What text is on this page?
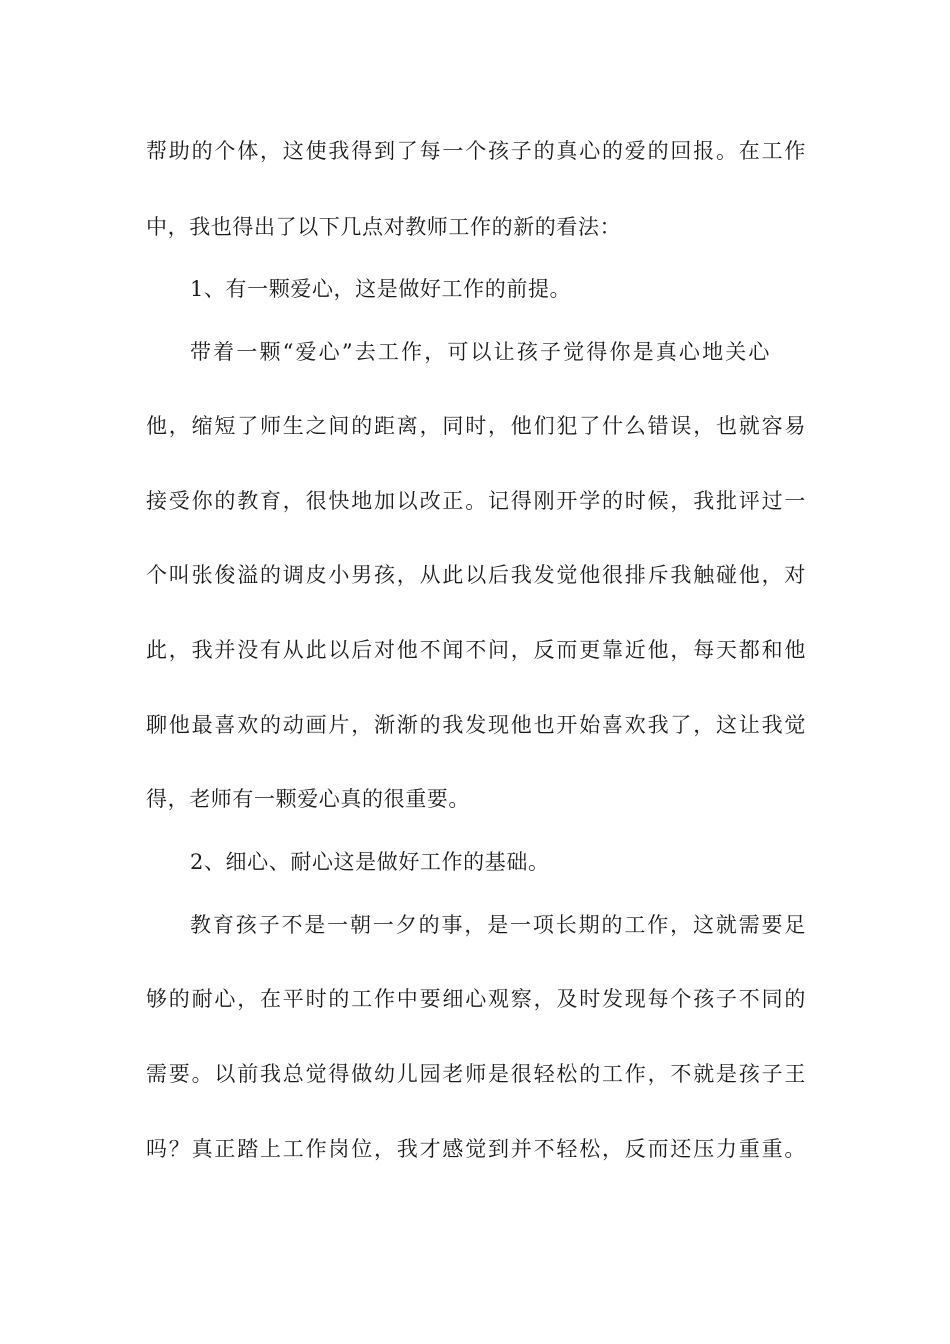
帮助的个体，这使我得到了每一个孩子的真心的爱的回报。在工作
中，我也得出了以下几点对教师工作的新的看法：
1、有一颗爱心，这是做好工作的前提。
带着一颗“爱心”去工作，可以让孩子觉得你是真心地关心
他，缩短了师生之间的距离，同时，他们犯了什么错误，也就容易
接受你的教育，很快地加以改正。记得刚开学的时候，我批评过一
个叫张俊溢的调皮小男孩，从此以后我发觉他很排斥我触碰他，对
此，我并没有从此以后对他不闻不问，反而更靠近他，每天都和他
聊他最喜欢的动画片，渐渐的我发现他也开始喜欢我了，这让我觉
得，老师有一颗爱心真的很重要。
2、细心、耐心这是做好工作的基础。
教育孩子不是一朝一夕的事，是一项长期的工作，这就需要足
够的耐心，在平时的工作中要细心观察，及时发现每个孩子不同的
需要。以前我总觉得做幼儿园老师是很轻松的工作，不就是孩子王
吗？真正踏上工作岗位，我才感觉到并不轻松，反而还压力重重。
